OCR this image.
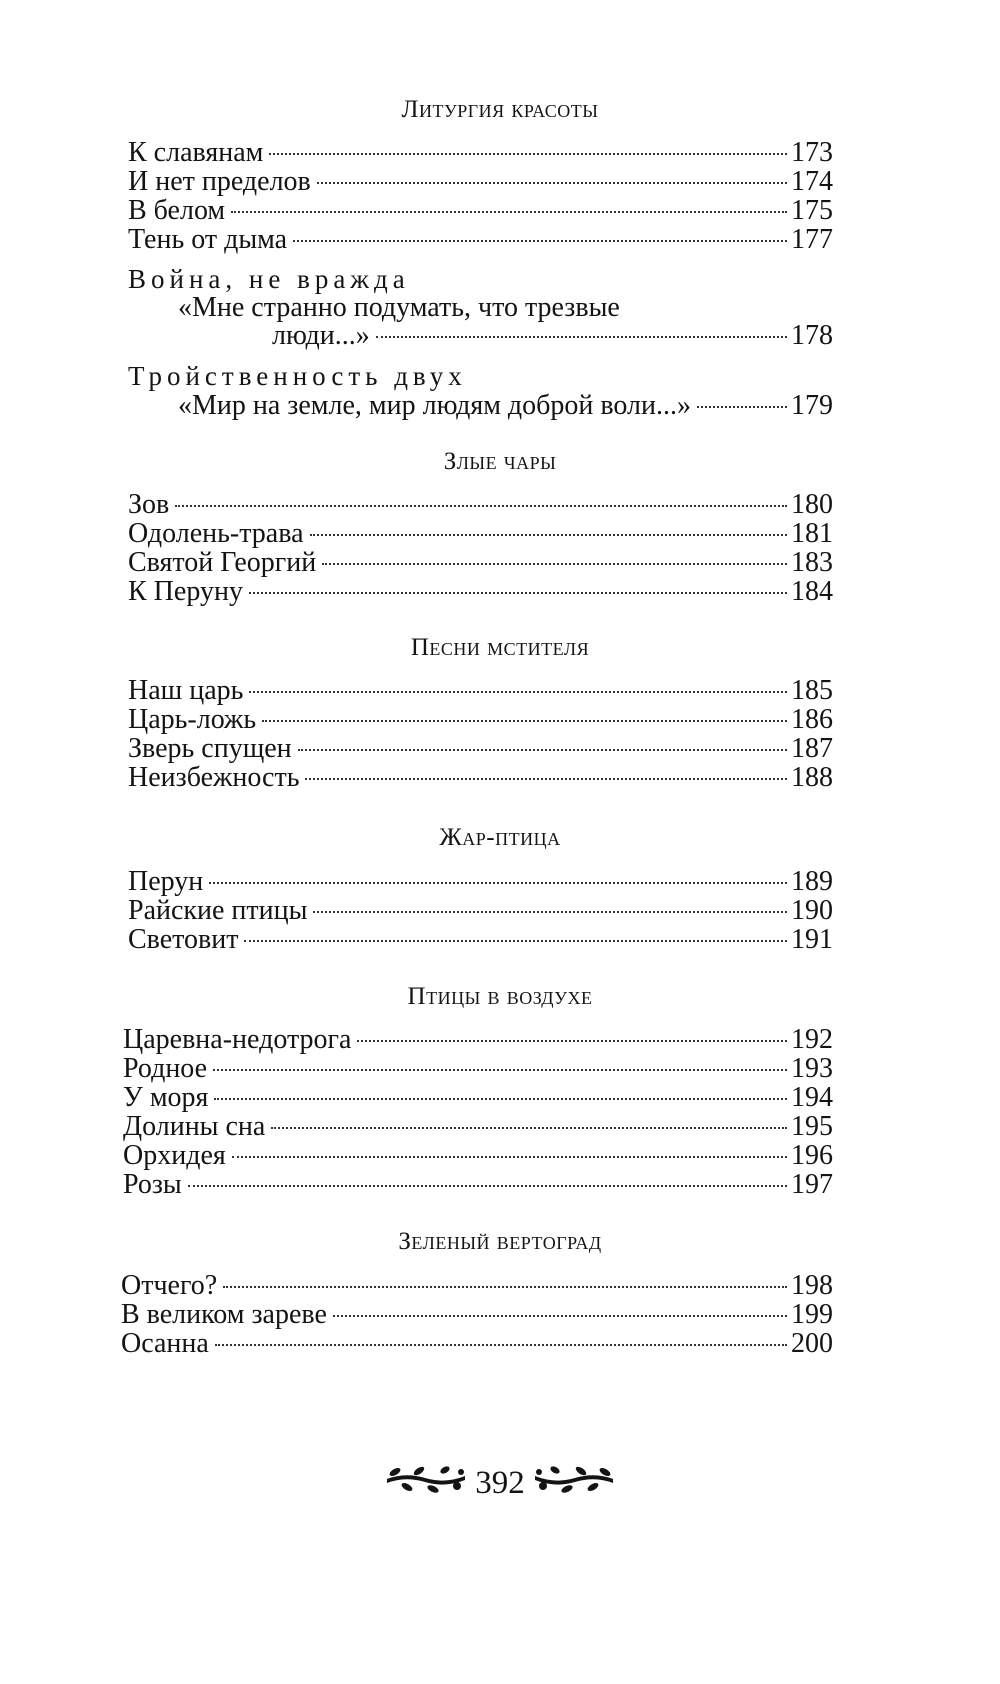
Литургия красоты
К славянам	173
И нет пределов	174
В белом	175
Тень от дыма	177
Война, не вражда
«Мне странно подумать, что трезвые
люди...»	178
Тройственность двух
«Мир на земле, мир людям доброй воли...»	179
Злые чары
Зов	180
Одолень-трава	181
Святой Георгий	183
К Перуну	184
Песни мстителя
Наш царь	185
Царь-ложь	186
Зверь спущен	187
Неизбежность	188
Жар-птица
Перун	189
Райские птицы	190
Световит	191
Птицы в воздухе
Царевна-недотрога	192
Родное	193
У моря	194
Долины сна	195
Орхидея	196
Розы	197
Зеленый вертоград
Отчего?	198
В великом зареве	199
Осанна	200
392
